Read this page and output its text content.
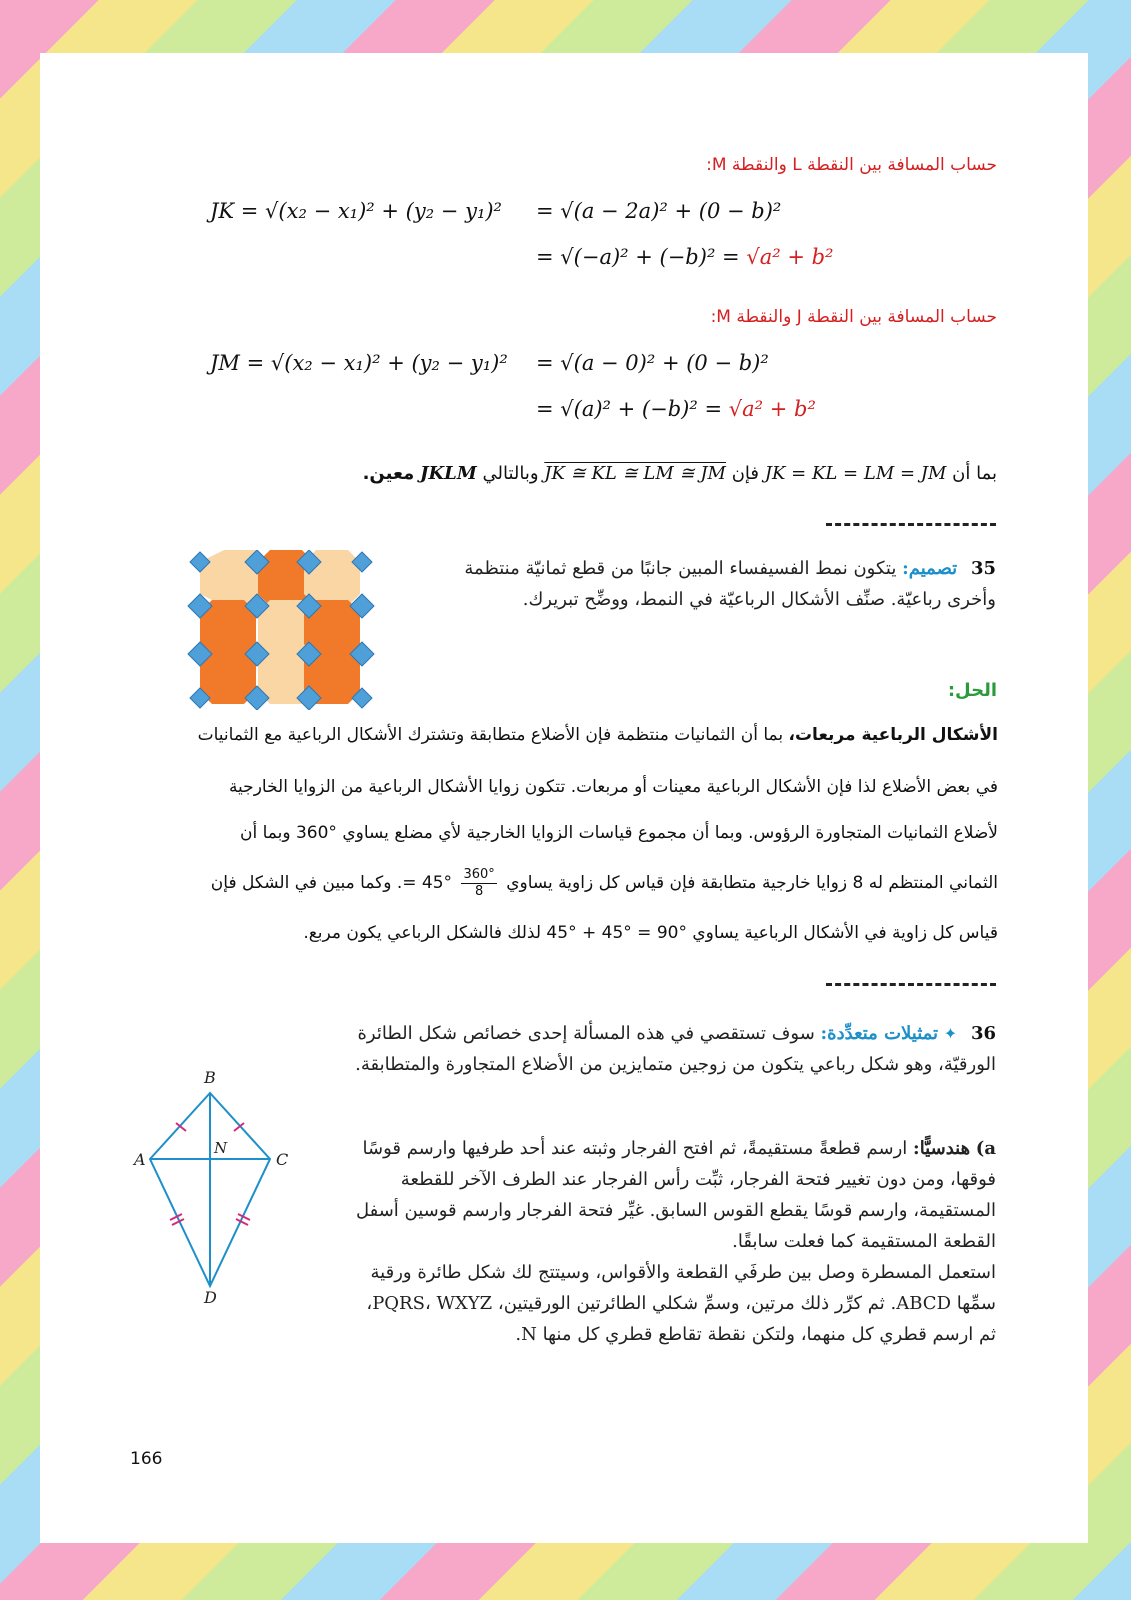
حساب المسافة بين النقطة L والنقطة M:
JK = √(x₂ − x₁)² + (y₂ − y₁)² = √(a − 2a)² + (0 − b)²
= √(−a)² + (−b)² = √a² + b²
حساب المسافة بين النقطة J والنقطة M:
JM = √(x₂ − x₁)² + (y₂ − y₁)² = √(a − 0)² + (0 − b)²
= √(a)² + (−b)² = √a² + b²
بما أن JK = KL = LM = JM فإن JK ≅ KL ≅ LM ≅ JM وبالتالي JKLM معين.
35 تصميم: يتكون نمط الفسيفساء المبين جانبًا من قطع ثمانيّة منتظمة وأخرى رباعيّة. صنِّف الأشكال الرباعيّة في النمط، ووضِّح تبريرك.
الحل:
الأشكال الرباعية مربعات، بما أن الثمانيات منتظمة فإن الأضلاع متطابقة وتشترك الأشكال الرباعية مع الثمانيات
في بعض الأضلاع لذا فإن الأشكال الرباعية معينات أو مربعات. تتكون زوايا الأشكال الرباعية من الزوايا الخارجية
لأضلاع الثمانيات المتجاورة الرؤوس. وبما أن مجموع قياسات الزوايا الخارجية لأي مضلع يساوي °360 وبما أن
الثماني المنتظم له 8 زوايا خارجية متطابقة فإن قياس كل زاوية يساوي
$\frac{360^\circ}{8}$
= 45°. وكما مبين في الشكل فإن
قياس كل زاوية في الأشكال الرباعية يساوي °90 = °45 + °45 لذلك فالشكل الرباعي يكون مربع.
36 ✦ تمثيلات متعدِّدة: سوف تستقصي في هذه المسألة إحدى خصائص شكل الطائرة الورقيّة، وهو شكل رباعي يتكون من زوجين متمايزين من الأضلاع المتجاورة والمتطابقة.
a) هندسيًّا: ارسم قطعةً مستقيمةً، ثم افتح الفرجار وثبته عند أحد طرفيها وارسم قوسًا فوقها، ومن دون تغيير فتحة الفرجار، ثبِّت رأس الفرجار عند الطرف الآخر للقطعة المستقيمة، وارسم قوسًا يقطع القوس السابق. غيِّر فتحة الفرجار وارسم قوسين أسفل القطعة المستقيمة كما فعلت سابقًا.
استعمل المسطرة وصل بين طرفَي القطعة والأقواس، وسيتتج لك شكل طائرة ورقية سمِّها ABCD. ثم كرِّر ذلك مرتين، وسمِّ شكلي الطائرتين الورقيتين، PQRS، WXYZ، ثم ارسم قطري كل منهما، ولتكن نقطة تقاطع قطري كل منها N.
B
A	C
N
D
166
